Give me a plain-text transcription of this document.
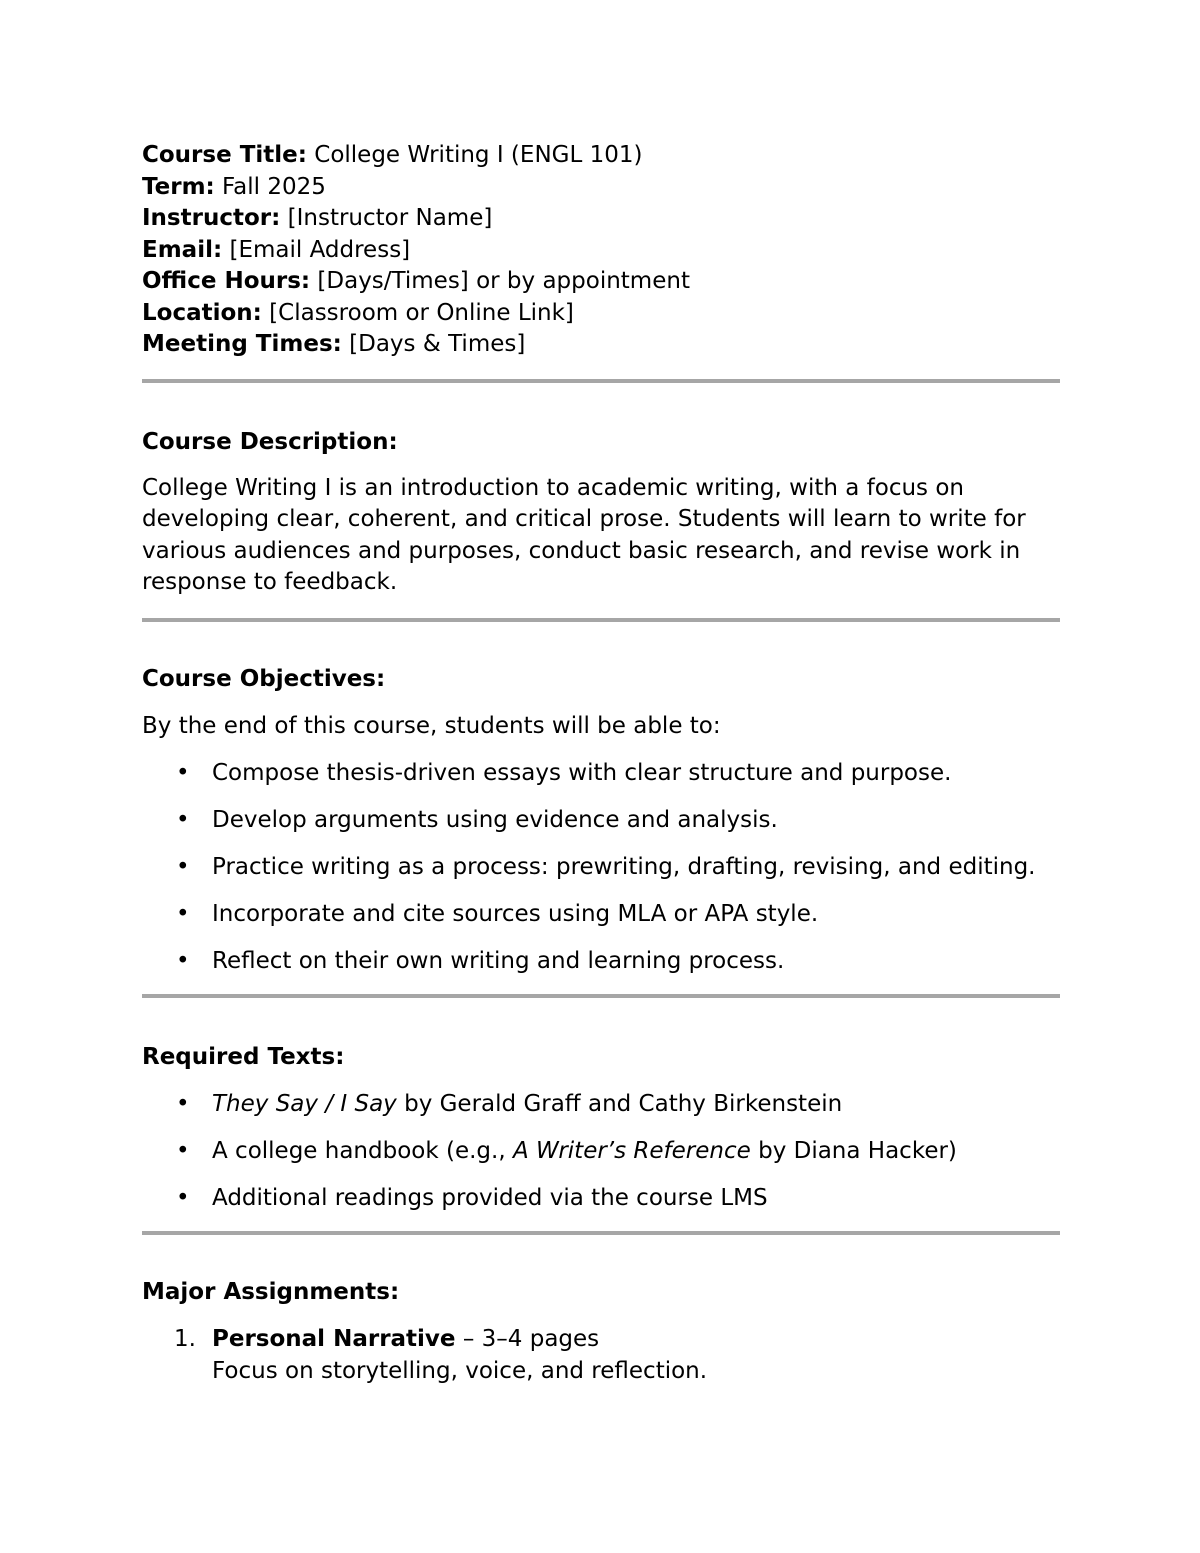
Course Title: College Writing I (ENGL 101)
Term: Fall 2025
Instructor: [Instructor Name]
Email: [Email Address]
Office Hours: [Days/Times] or by appointment
Location: [Classroom or Online Link]
Meeting Times: [Days & Times]
Course Description:
College Writing I is an introduction to academic writing, with a focus on developing clear, coherent, and critical prose. Students will learn to write for various audiences and purposes, conduct basic research, and revise work in response to feedback.
Course Objectives:
By the end of this course, students will be able to:
• Compose thesis-driven essays with clear structure and purpose.
• Develop arguments using evidence and analysis.
• Practice writing as a process: prewriting, drafting, revising, and editing.
• Incorporate and cite sources using MLA or APA style.
• Reflect on their own writing and learning process.
Required Texts:
• They Say / I Say by Gerald Graff and Cathy Birkenstein
• A college handbook (e.g., A Writer’s Reference by Diana Hacker)
• Additional readings provided via the course LMS
Major Assignments:
1. Personal Narrative – 3–4 pages
Focus on storytelling, voice, and reflection.
